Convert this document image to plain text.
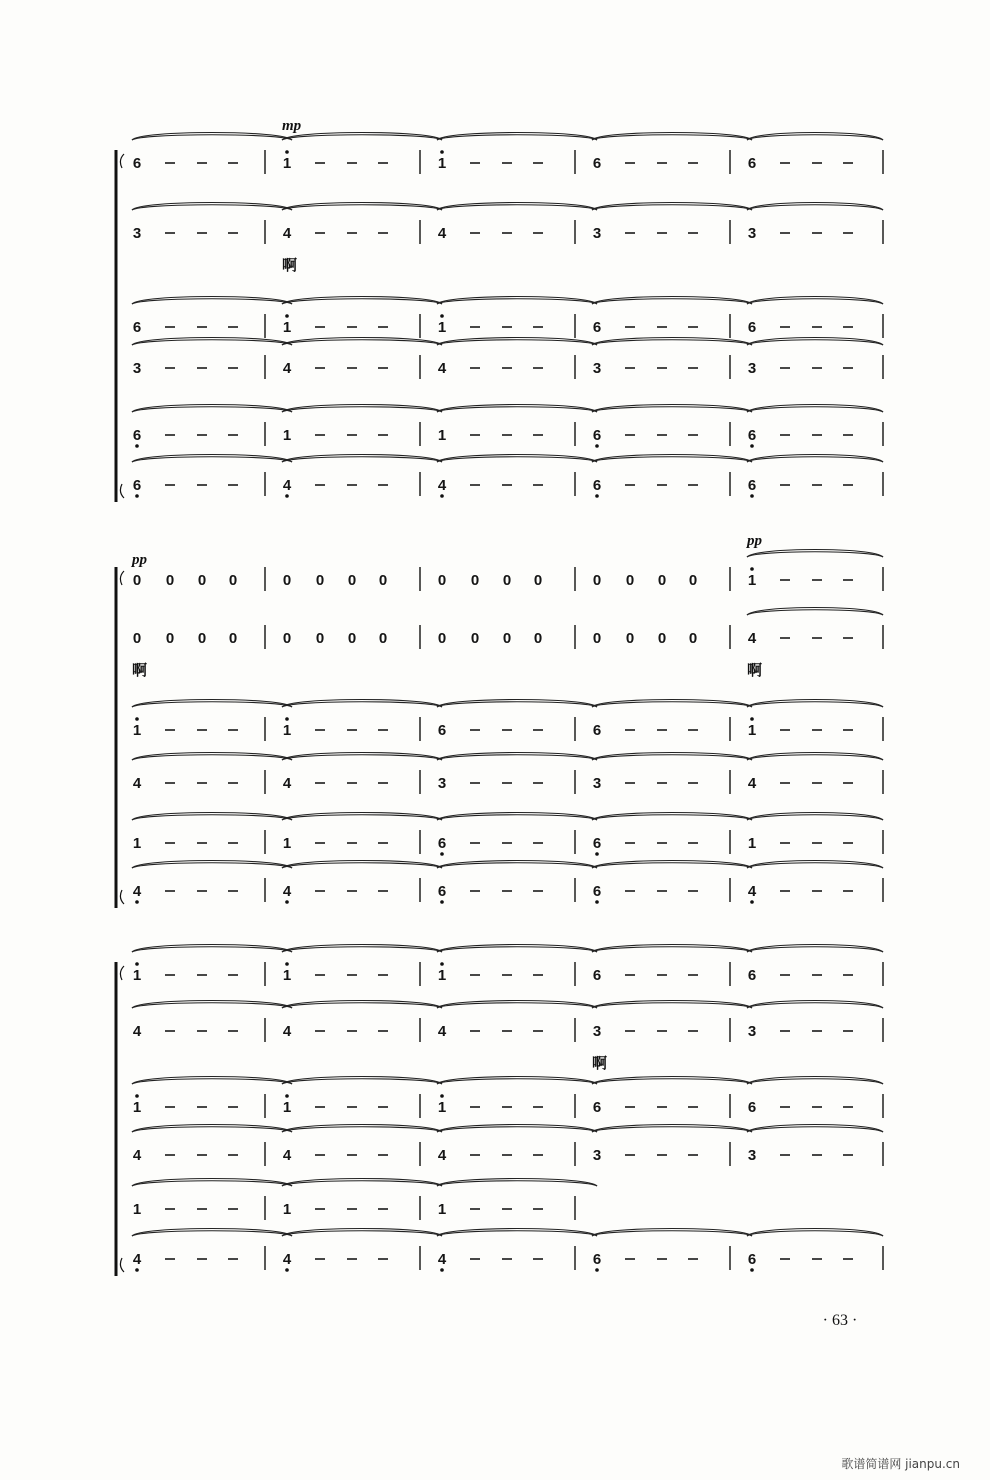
6	1	1	6	6
3	4	4	3	3
6	1	1	6	6
3	4	4	3	3
6	1	1	6	6
6	4	4	6	6
0 0 0 0	0 0 0 0	0 0 0 0	0 0 0 0	1
0 0 0 0	0 0 0 0	0 0 0 0	0 0 0 0	4
1	1	6	6	1
4	4	3	3	4
1	1	6	6	1
4	4	6	6	4
1	1	1	6	6
4	4	4	3	3
1	1	1	6	6
4	4	4	3	3
1	1	1
4	4	4	6	6
mp
啊
pp
pp
啊	啊
啊
· 63 ·
歌谱简谱网 jianpu.cn
